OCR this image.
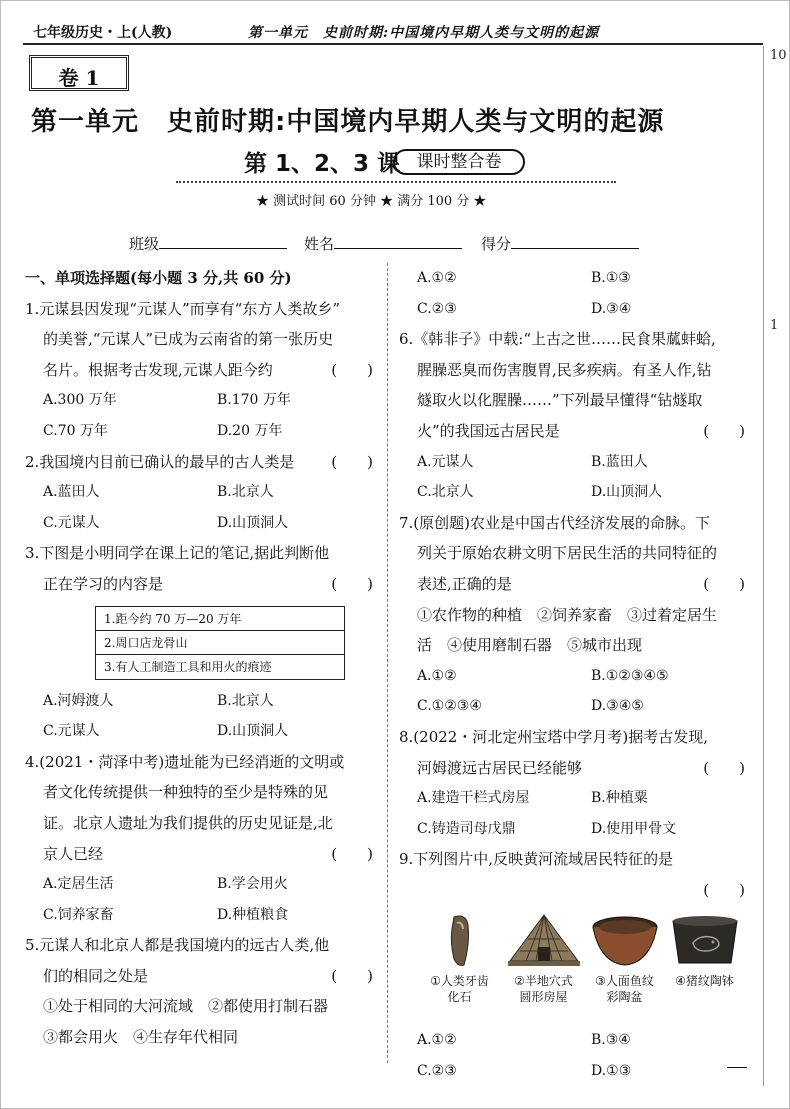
七年级历史・上(人教)	第一单元　史前时期:中国境内早期人类与文明的起源
10
1
卷 1
第一单元 史前时期:中国境内早期人类与文明的起源
第 1、2、3 课 课时整合卷
★ 测试时间 60 分钟 ★ 满分 100 分 ★
班级	姓名	得分
一、单项选择题(每小题 3 分,共 60 分)
1.元谋县因发现“元谋人”而享有“东方人类故乡”
的美誉,“元谋人”已成为云南省的第一张历史
名片。根据考古发现,元谋人距今约	(　　)
A.300 万年	B.170 万年
C.70 万年	D.20 万年
2.我国境内目前已确认的最早的古人类是 (　　)
A.蓝田人	B.北京人
C.元谋人	D.山顶洞人
3.下图是小明同学在课上记的笔记,据此判断他
正在学习的内容是	(　　)
1.距今约 70 万—20 万年
2.周口店龙骨山
3.有人工制造工具和用火的痕迹
A.河姆渡人	B.北京人
C.元谋人	D.山顶洞人
4.(2021・菏泽中考)遗址能为已经消逝的文明或
者文化传统提供一种独特的至少是特殊的见
证。北京人遗址为我们提供的历史见证是,北
京人已经	(　　)
A.定居生活	B.学会用火
C.饲养家畜	D.种植粮食
5.元谋人和北京人都是我国境内的远古人类,他
们的相同之处是	(　　)
①处于相同的大河流域　②都使用打制石器
③都会用火　④生存年代相同
A.①②	B.①③
C.②③	D.③④
6.《韩非子》中载:“上古之世……民食果蓏蚌蛤,
腥臊恶臭而伤害腹胃,民多疾病。有圣人作,钻
燧取火以化腥臊……”下列最早懂得“钻燧取
火”的我国远古居民是	(　　)
A.元谋人	B.蓝田人
C.北京人	D.山顶洞人
7.(原创题)农业是中国古代经济发展的命脉。下
列关于原始农耕文明下居民生活的共同特征的
表述,正确的是	(　　)
①农作物的种植　②饲养家畜　③过着定居生
活　④使用磨制石器　⑤城市出现
A.①②	B.①②③④⑤
C.①②③④	D.③④⑤
8.(2022・河北定州宝塔中学月考)据考古发现,
河姆渡远古居民已经能够	(　　)
A.建造干栏式房屋	B.种植粟
C.铸造司母戊鼎	D.使用甲骨文
9.下列图片中,反映黄河流域居民特征的是
(　　)
①人类牙齿
化石
②半地穴式
圆形房屋
③人面鱼纹
彩陶盆
④猪纹陶钵
A.①②	B.③④
C.②③	D.①③
